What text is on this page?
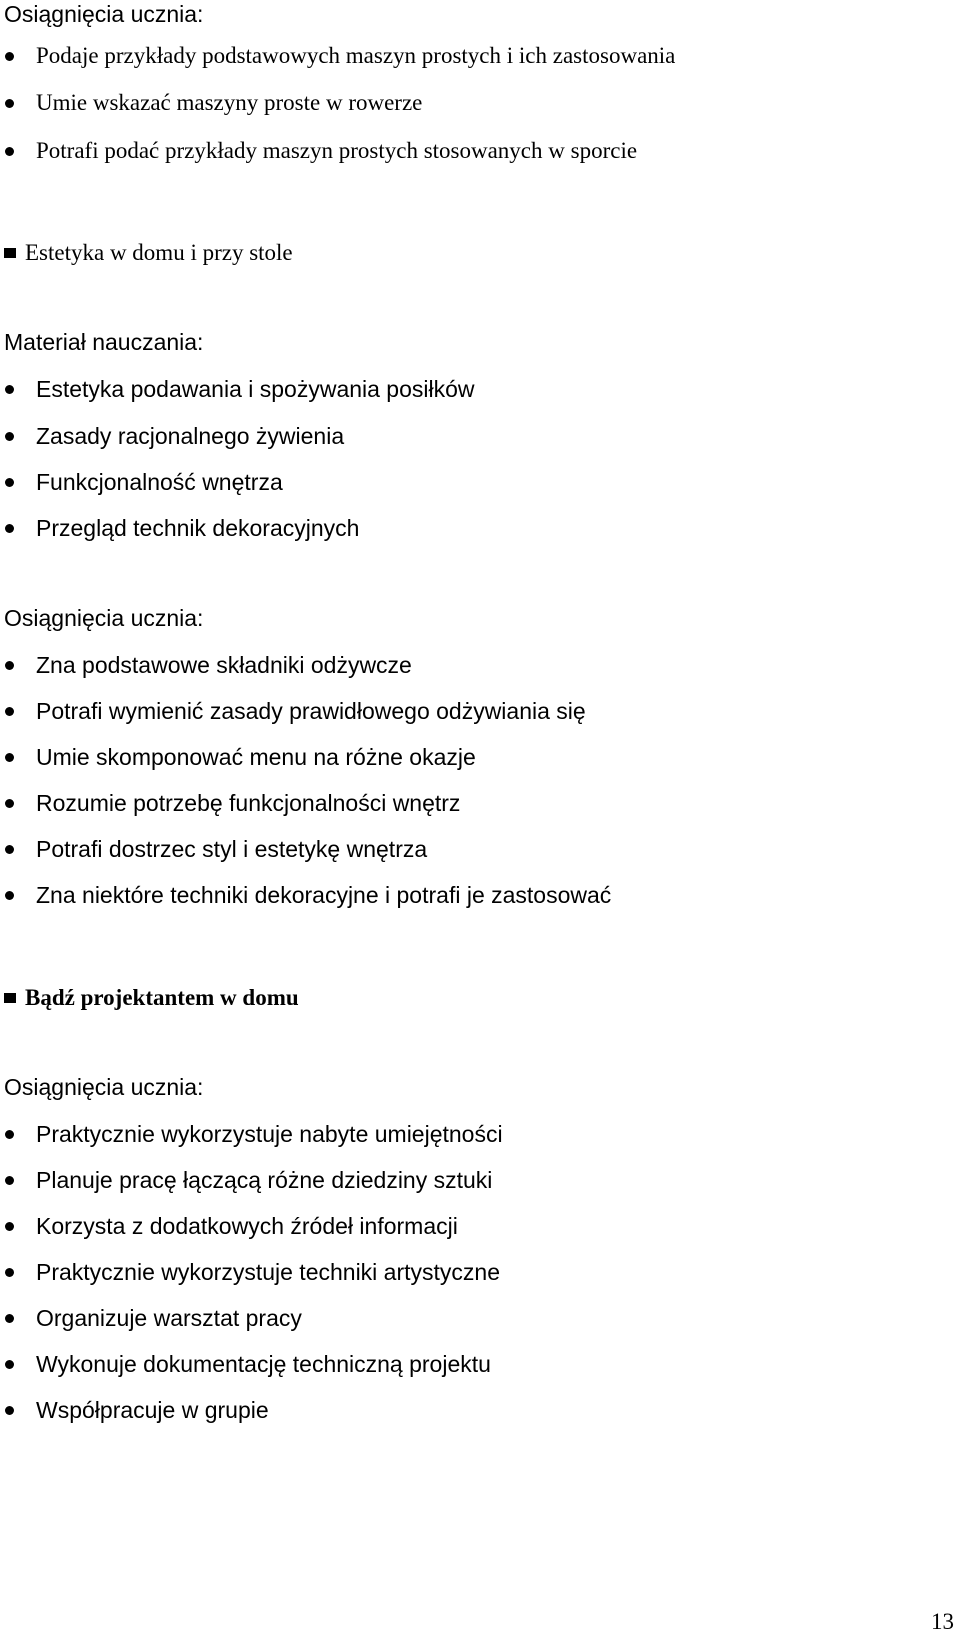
Osiągnięcia ucznia:
Podaje przykłady podstawowych maszyn prostych i ich zastosowania
Umie wskazać maszyny proste w rowerze
Potrafi podać przykłady maszyn prostych stosowanych w sporcie
Estetyka w domu i przy stole
Materiał nauczania:
Estetyka podawania i spożywania posiłków
Zasady racjonalnego żywienia
Funkcjonalność wnętrza
Przegląd technik dekoracyjnych
Osiągnięcia ucznia:
Zna podstawowe składniki odżywcze
Potrafi wymienić zasady prawidłowego odżywiania się
Umie skomponować menu na różne okazje
Rozumie potrzebę funkcjonalności wnętrz
Potrafi dostrzec styl i estetykę wnętrza
Zna niektóre techniki dekoracyjne i potrafi je zastosować
Bądź projektantem w domu
Osiągnięcia ucznia:
Praktycznie wykorzystuje nabyte umiejętności
Planuje pracę łączącą różne dziedziny sztuki
Korzysta z dodatkowych źródeł informacji
Praktycznie wykorzystuje techniki artystyczne
Organizuje warsztat pracy
Wykonuje dokumentację techniczną projektu
Współpracuje w grupie
13
